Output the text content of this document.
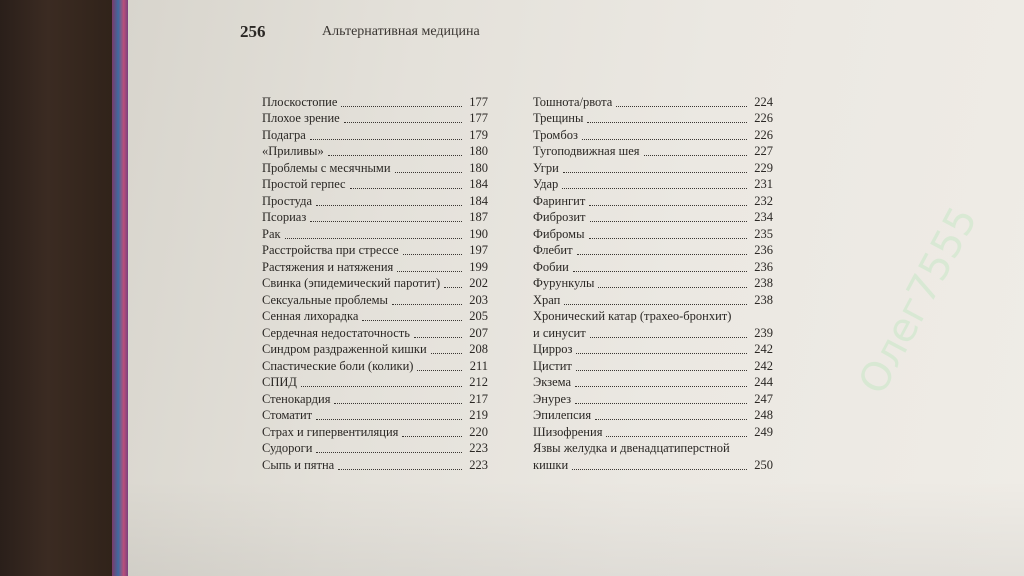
256	Альтернативная медицина
Плоскостопие	177
Плохое зрение	177
Подагра	179
«Приливы»	180
Проблемы с месячными	180
Простой герпес	184
Простуда	184
Псориаз	187
Рак	190
Расстройства при стрессе	197
Растяжения и натяжения	199
Свинка (эпидемический паротит) 202
Сексуальные проблемы	203
Сенная лихорадка	205
Сердечная недостаточность	207
Синдром раздраженной кишки	208
Спастические боли (колики)	211
СПИД	212
Стенокардия	217
Стоматит	219
Страх и гипервентиляция	220
Судороги	223
Сыпь и пятна	223
Тошнота/рвота	224
Трещины	226
Тромбоз	226
Тугоподвижная шея	227
Угри	229
Удар	231
Фарингит	232
Фиброзит	234
Фибромы	235
Флебит	236
Фобии	236
Фурункулы	238
Храп	238
Хронический катар (трахео-бронхит)
и синусит	239
Цирроз	242
Цистит	242
Экзема	244
Энурез	247
Эпилепсия	248
Шизофрения	249
Язвы желудка и двенадцатиперстной
кишки	250
Олег7555
